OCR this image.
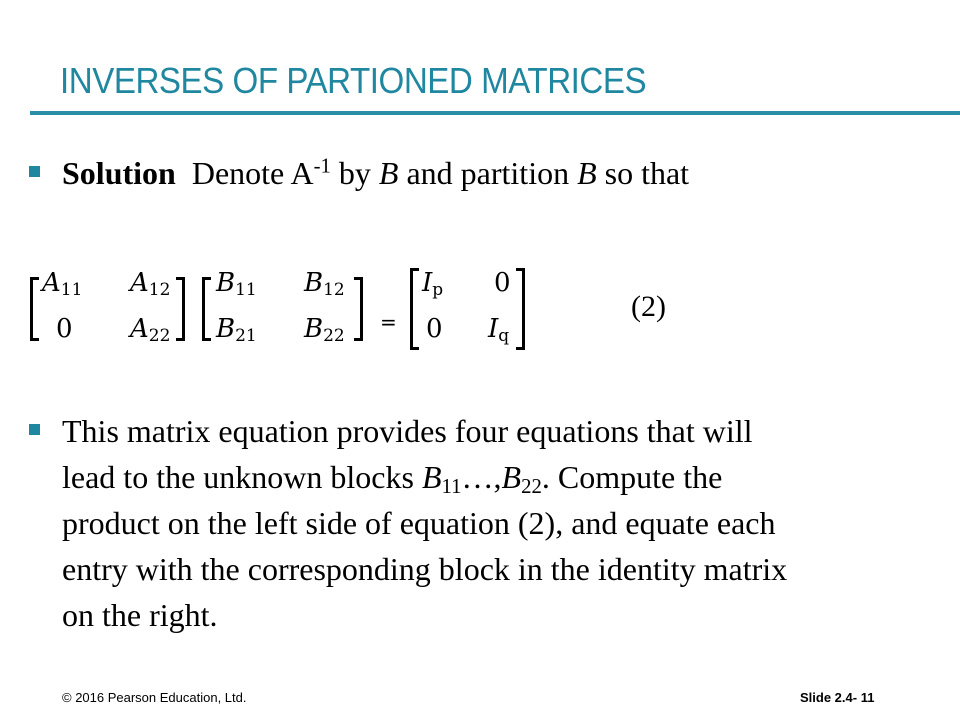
INVERSES OF PARTIONED MATRICES
Solution Denote $A^{-1}$ by B and partition B so that
$A_{11}$ $A_{12}$
0 $A_{22}$
$B_{11}$ $B_{12}$
$B_{21}$ $B_{22}$
=
$I_p$ 0
0 $I_q$
(2)
This matrix equation provides four equations that will
lead to the unknown blocks $B_{11}\dots,B_{22}$. Compute the
product on the left side of equation (2), and equate each
entry with the corresponding block in the identity matrix
on the right.
© 2016 Pearson Education, Ltd.	Slide 2.4- 11
